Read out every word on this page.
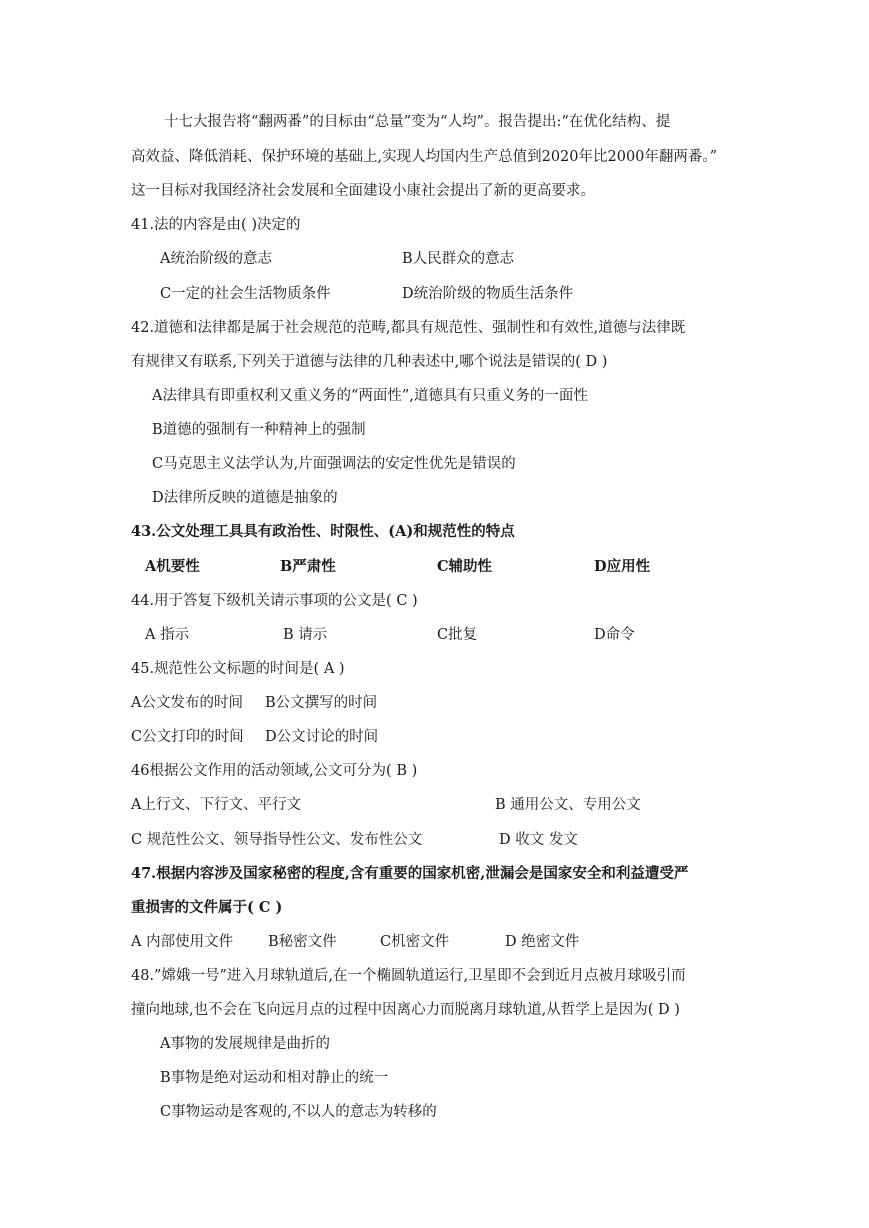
十七大报告将“翻两番”的目标由“总量”变为“人均”。报告提出:“在优化结构、提
高效益、降低消耗、保护环境的基础上,实现人均国内生产总值到2020年比2000年翻两番。”
这一目标对我国经济社会发展和全面建设小康社会提出了新的更高要求。
41.法的内容是由( )决定的
A统治阶级的意志	B人民群众的意志
C一定的社会生活物质条件	D统治阶级的物质生活条件
42.道德和法律都是属于社会规范的范畴,都具有规范性、强制性和有效性,道德与法律既
有规律又有联系,下列关于道德与法律的几种表述中,哪个说法是错误的( D )
A法律具有即重权利又重义务的“两面性”,道德具有只重义务的一面性
B道德的强制有一种精神上的强制
C马克思主义法学认为,片面强调法的安定性优先是错误的
D法律所反映的道德是抽象的
43.公文处理工具具有政治性、时限性、(A)和规范性的特点
A机要性	B严肃性	C辅助性	D应用性
44.用于答复下级机关请示事项的公文是( C )
A 指示	B 请示	C批复	D命令
45.规范性公文标题的时间是( A )
A公文发布的时间 B公文撰写的时间
C公文打印的时间 D公文讨论的时间
46根据公文作用的活动领域,公文可分为( B )
A上行文、下行文、平行文	B 通用公文、专用公文
C 规范性公文、领导指导性公文、发布性公文	D 收文 发文
47.根据内容涉及国家秘密的程度,含有重要的国家机密,泄漏会是国家安全和利益遭受严
重损害的文件属于( C )
A 内部使用文件 B秘密文件	C机密文件	D 绝密文件
48.”嫦娥一号”进入月球轨道后,在一个椭圆轨道运行,卫星即不会到近月点被月球吸引而
撞向地球,也不会在飞向远月点的过程中因离心力而脱离月球轨道,从哲学上是因为( D )
A事物的发展规律是曲折的
B事物是绝对运动和相对静止的统一
C事物运动是客观的,不以人的意志为转移的
